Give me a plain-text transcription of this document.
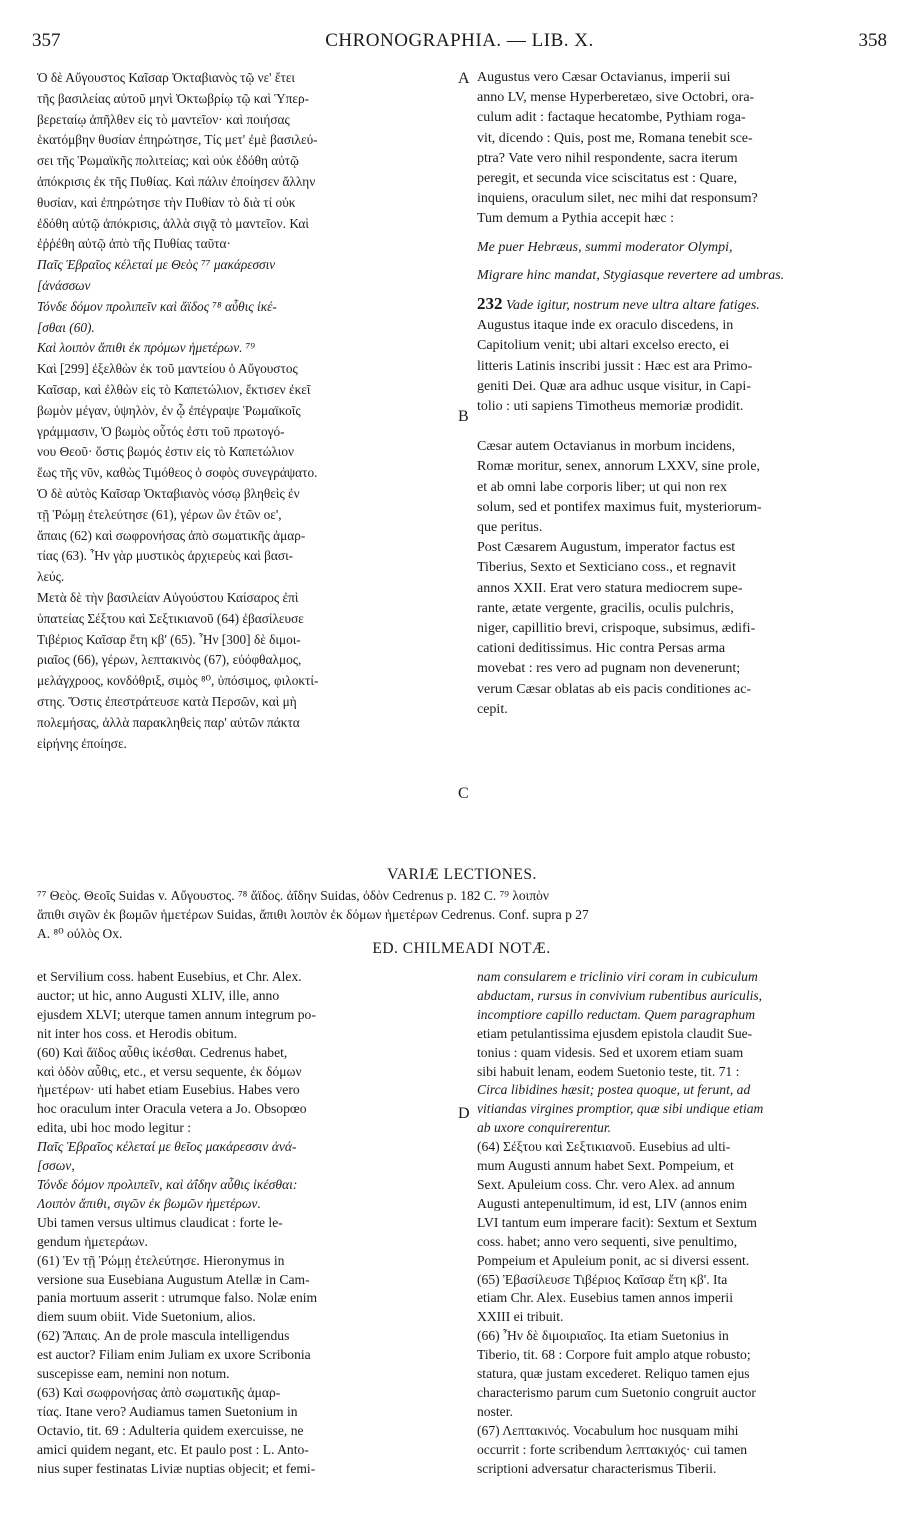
357	CHRONOGRAPHIA. — LIB. X.	358
A
B
C
D
Ὁ δὲ Αὔγουστος Καῖσαρ Ὀκταβιανὸς τῷ νε' ἔτει
τῆς βασιλείας αὐτοῦ μηνὶ Ὀκτωβρίῳ τῷ καὶ Ὑπερ-
βερεταίῳ ἀπῆλθεν εἰς τὸ μαντεῖον· καὶ ποιήσας
ἑκατόμβην θυσίαν ἐπηρώτησε, Τίς μετ' ἐμὲ βασιλεύ-
σει τῆς Ῥωμαϊκῆς πολιτείας; καὶ οὐκ ἐδόθη αὐτῷ
ἀπόκρισις ἐκ τῆς Πυθίας. Καὶ πάλιν ἐποίησεν ἄλλην
θυσίαν, καὶ ἐπηρώτησε τὴν Πυθίαν τὸ διὰ τί οὐκ
ἐδόθη αὐτῷ ἀπόκρισις, ἀλλὰ σιγᾷ τὸ μαντεῖον. Καὶ
ἐῤῥέθη αὐτῷ ἀπὸ τῆς Πυθίας ταῦτα·
Παῖς Ἑβραῖος κέλεταί με Θεὸς ⁷⁷ μακάρεσσιν
[ἀνάσσων
Τόνδε δόμον προλιπεῖν καὶ ἄϊδος ⁷⁸ αὖθις ἱκέ-
[σθαι (60).
Καὶ λοιπὸν ἄπιθι ἐκ πρόμων ἡμετέρων. ⁷⁹
Καὶ [299] ἐξελθὼν ἐκ τοῦ μαντείου ὁ Αὔγουστος
Καῖσαρ, καὶ ἐλθὼν εἰς τὸ Καπετώλιον, ἔκτισεν ἐκεῖ
βωμὸν μέγαν, ὑψηλὸν, ἐν ᾧ ἐπέγραψε Ῥωμαϊκοῖς
γράμμασιν, Ὁ βωμὸς οὗτός ἐστι τοῦ πρωτογό-
νου Θεοῦ· ὅστις βωμός ἐστιν εἰς τὸ Καπετώλιον
ἕως τῆς νῦν, καθὼς Τιμόθεος ὁ σοφὸς συνεγράψατο.
Ὁ δὲ αὐτὸς Καῖσαρ Ὀκταβιανὸς νόσῳ βληθεὶς ἐν
τῇ Ῥώμῃ ἐτελεύτησε (61), γέρων ὢν ἐτῶν οε',
ἄπαις (62) καὶ σωφρονήσας ἀπὸ σωματικῆς ἁμαρ-
τίας (63). Ἦν γὰρ μυστικὸς ἀρχιερεὺς καὶ βασι-
λεύς.
Μετὰ δὲ τὴν βασιλείαν Αὐγούστου Καίσαρος ἐπὶ
ὑπατείας Σέξτου καὶ Σεξτικιανοῦ (64) ἐβασίλευσε
Τιβέριος Καῖσαρ ἔτη κβ' (65). Ἦν [300] δὲ διμοι-
ριαῖος (66), γέρων, λεπτακινὸς (67), εὐόφθαλμος,
μελάγχροος, κονδόθριξ, σιμὸς ⁸⁰, ὑπόσιμος, φιλοκτί-
στης. Ὅστις ἐπεστράτευσε κατὰ Περσῶν, καὶ μὴ
πολεμήσας, ἀλλὰ παρακληθεὶς παρ' αὐτῶν πάκτα
εἰρήνης ἐποίησε.
Augustus vero Cæsar Octavianus, imperii sui
anno LV, mense Hyperberetæo, sive Octobri, ora-
culum adit : factaque hecatombe, Pythiam roga-
vit, dicendo : Quis, post me, Romana tenebit sce-
ptra? Vate vero nihil respondente, sacra iterum
peregit, et secunda vice sciscitatus est : Quare,
inquiens, oraculum silet, nec mihi dat responsum?
Tum demum a Pythia accepit hæc :
Me puer Hebræus, summi moderator Olympi,
Migrare hinc mandat, Stygiasque revertere ad umbras.
232 Vade igitur, nostrum neve ultra altare fatiges.
Augustus itaque inde ex oraculo discedens, in
Capitolium venit; ubi altari excelso erecto, ei
litteris Latinis inscribi jussit : Hæc est ara Primo-
geniti Dei. Quæ ara adhuc usque visitur, in Capi-
tolio : uti sapiens Timotheus memoriæ prodidit.
Cæsar autem Octavianus in morbum incidens,
Romæ moritur, senex, annorum LXXV, sine prole,
et ab omni labe corporis liber; ut qui non rex
solum, sed et pontifex maximus fuit, mysteriorum-
que peritus.
Post Cæsarem Augustum, imperator factus est
Tiberius, Sexto et Sexticiano coss., et regnavit
annos XXII. Erat vero statura mediocrem supe-
rante, ætate vergente, gracilis, oculis pulchris,
niger, capillitio brevi, crispoque, subsimus, ædifi-
cationi deditissimus. Hic contra Persas arma
movebat : res vero ad pugnam non devenerunt;
verum Cæsar oblatas ab eis pacis conditiones ac-
cepit.
VARIÆ LECTIONES.

⁷⁷ Θεὸς. Θεοῖς Suidas v. Αὔγουστος. ⁷⁸ ἄϊδος. ἀΐδην Suidas, ὁδὸν Cedrenus p. 182 C. ⁷⁹ λοιπὸν

ἄπιθι σιγῶν ἐκ βωμῶν ἡμετέρων Suidas, ἄπιθι λοιπὸν ἐκ δόμων ἡμετέρων Cedrenus. Conf. supra p 27

A. ⁸⁰ οὐλὸς Ox.

ED. CHILMEADI NOTÆ.
et Servilium coss. habent Eusebius, et Chr. Alex.
auctor; ut hic, anno Augusti XLIV, ille, anno
ejusdem XLVI; uterque tamen annum integrum po-
nit inter hos coss. et Herodis obitum.
(60) Καὶ ἄϊδος αὖθις ἱκέσθαι. Cedrenus habet,
καὶ ὁδὸν αὖθις, etc., et versu sequente, ἐκ δόμων
ἡμετέρων· uti habet etiam Eusebius. Habes vero
hoc oraculum inter Oracula vetera a Jo. Obsopœo
edita, ubi hoc modo legitur :
Παῖς Ἑβραῖος κέλεταί με θεῖος μακάρεσσιν ἀνά-
[σσων,
Τόνδε δόμον προλιπεῖν, καὶ ἀΐδην αὖθις ἱκέσθαι:
Λοιπὸν ἄπιθι, σιγῶν ἐκ βωμῶν ἡμετέρων.
Ubi tamen versus ultimus claudicat : forte le-
gendum ἡμετεράων.
(61) Ἐν τῇ Ῥώμῃ ἐτελεύτησε. Hieronymus in
versione sua Eusebiana Augustum Atellæ in Cam-
pania mortuum asserit : utrumque falso. Nolæ enim
diem suum obiit. Vide Suetonium, alios.
(62) Ἄπαις. An de prole mascula intelligendus
est auctor? Filiam enim Juliam ex uxore Scribonia
suscepisse eam, nemini non notum.
(63) Καὶ σωφρονήσας ἀπὸ σωματικῆς ἁμαρ-
τίας. Itane vero? Audiamus tamen Suetonium in
Octavio, tit. 69 : Adulteria quidem exercuisse, ne
amici quidem negant, etc. Et paulo post : L. Anto-
nius super festinatas Liviæ nuptias objecit; et femi-
nam consularem e triclinio viri coram in cubiculum
abductam, rursus in convivium rubentibus auriculis,
incomptiore capillo reductam. Quem paragraphum
etiam petulantissima ejusdem epistola claudit Sue-
tonius : quam videsis. Sed et uxorem etiam suam
sibi habuit lenam, eodem Suetonio teste, tit. 71 :
Circa libidines hæsit; postea quoque, ut ferunt, ad
vitiandas virgines promptior, quæ sibi undique etiam
ab uxore conquirerentur.
(64) Σέξτου καὶ Σεξτικιανοῦ. Eusebius ad ulti-
mum Augusti annum habet Sext. Pompeium, et
Sext. Apuleium coss. Chr. vero Alex. ad annum
Augusti antepenultimum, id est, LIV (annos enim
LVI tantum eum imperare facit): Sextum et Sextum
coss. habet; anno vero sequenti, sive penultimo,
Pompeium et Apuleium ponit, ac si diversi essent.
(65) Ἐβασίλευσε Τιβέριος Καῖσαρ ἔτη κβ'. Ita
etiam Chr. Alex. Eusebius tamen annos imperii
XXIII ei tribuit.
(66) Ἦν δὲ διμοιριαῖος. Ita etiam Suetonius in
Tiberio, tit. 68 : Corpore fuit amplo atque robusto;
statura, quæ justam excederet. Reliquo tamen ejus
characterismo parum cum Suetonio congruit auctor
noster.
(67) Λεπτακινός. Vocabulum hoc nusquam mihi
occurrit : forte scribendum λεπτακιχός· cui tamen
scriptioni adversatur characterismus Tiberii.
